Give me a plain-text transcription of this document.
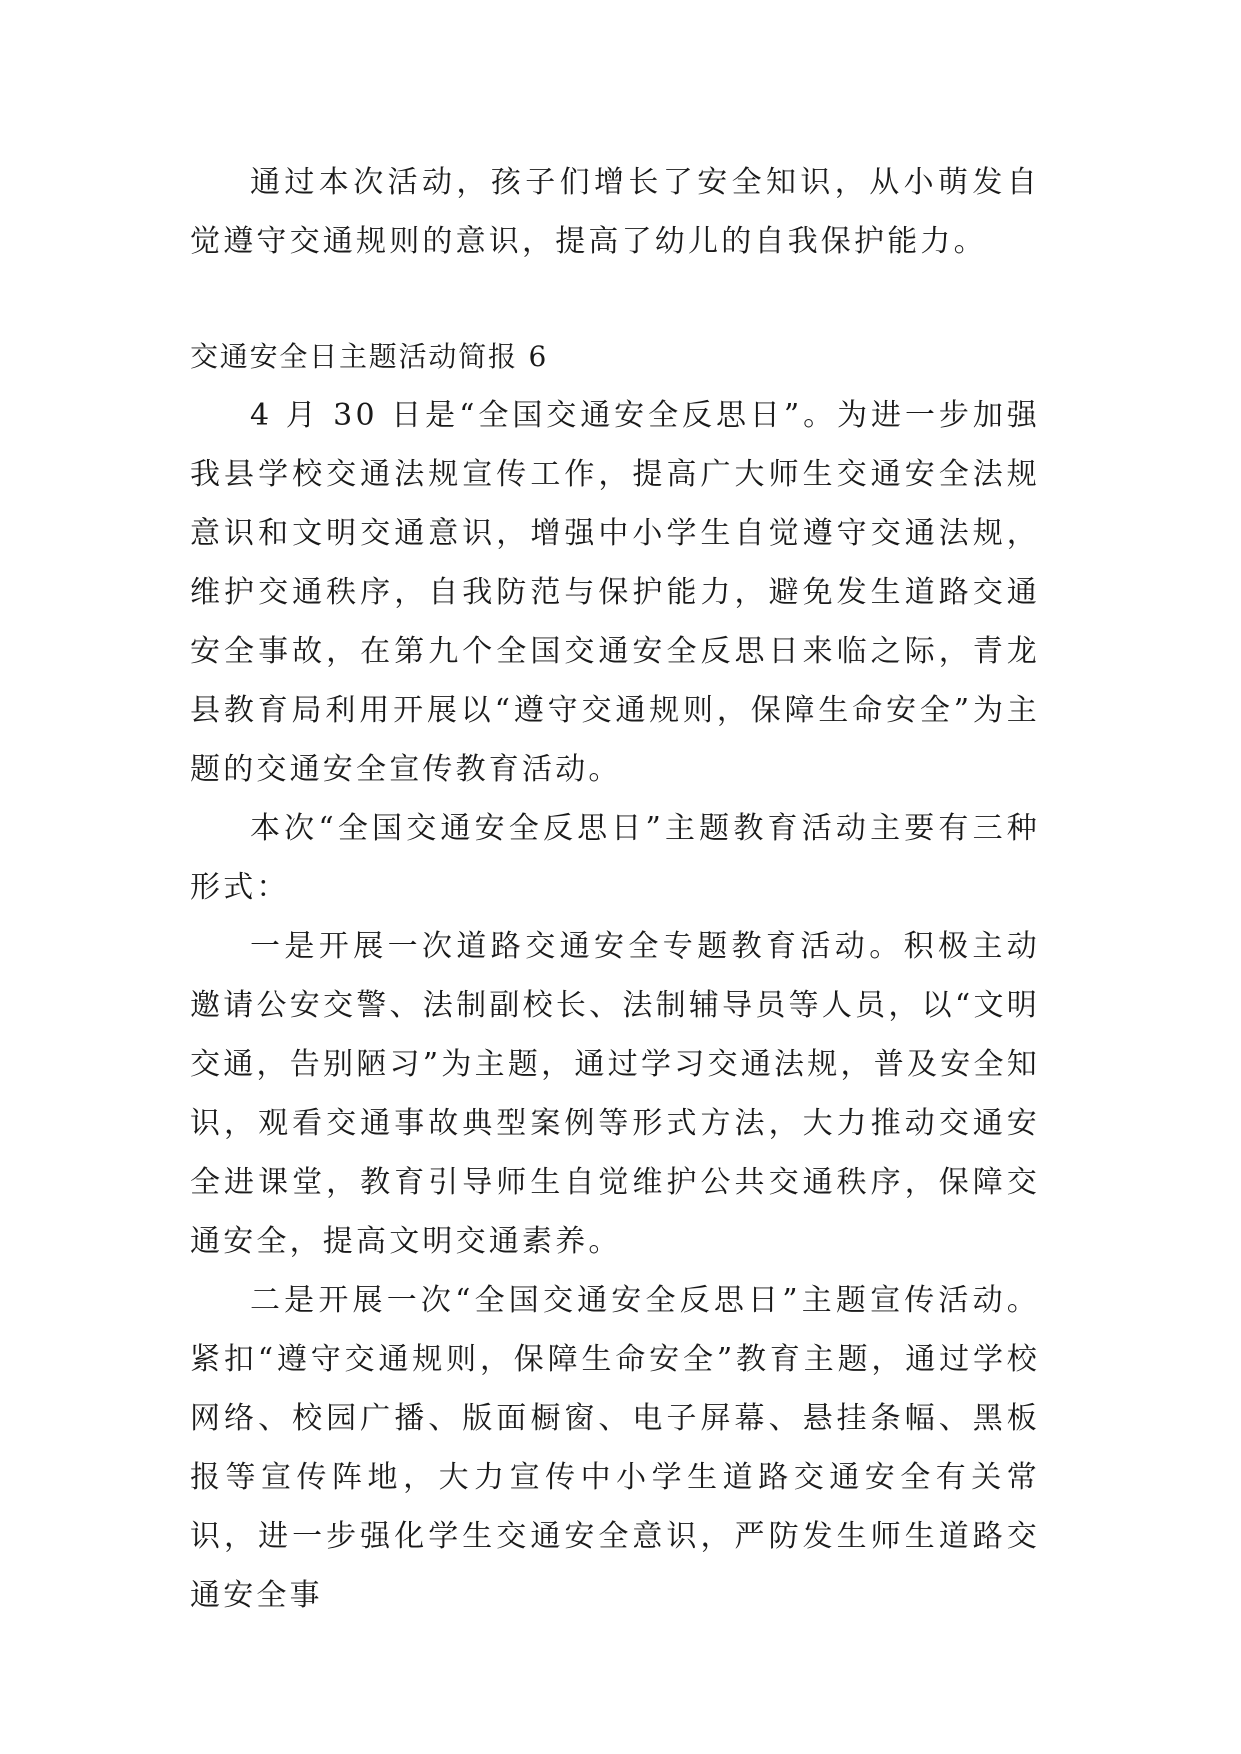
通过本次活动，孩子们增长了安全知识，从小萌发自觉遵守交通规则的意识，提高了幼儿的自我保护能力。

交通安全日主题活动简报 6

4 月 30 日是“全国交通安全反思日”。为进一步加强我县学校交通法规宣传工作，提高广大师生交通安全法规意识和文明交通意识，增强中小学生自觉遵守交通法规，维护交通秩序，自我防范与保护能力，避免发生道路交通安全事故，在第九个全国交通安全反思日来临之际，青龙县教育局利用开展以“遵守交通规则，保障生命安全”为主题的交通安全宣传教育活动。

本次“全国交通安全反思日”主题教育活动主要有三种形式：

一是开展一次道路交通安全专题教育活动。积极主动邀请公安交警、法制副校长、法制辅导员等人员，以“文明交通，告别陋习”为主题，通过学习交通法规，普及安全知识，观看交通事故典型案例等形式方法，大力推动交通安全进课堂，教育引导师生自觉维护公共交通秩序，保障交通安全，提高文明交通素养。

二是开展一次“全国交通安全反思日”主题宣传活动。紧扣“遵守交通规则，保障生命安全”教育主题，通过学校网络、校园广播、版面橱窗、电子屏幕、悬挂条幅、黑板报等宣传阵地，大力宣传中小学生道路交通安全有关常识，进一步强化学生交通安全意识，严防发生师生道路交通安全事
